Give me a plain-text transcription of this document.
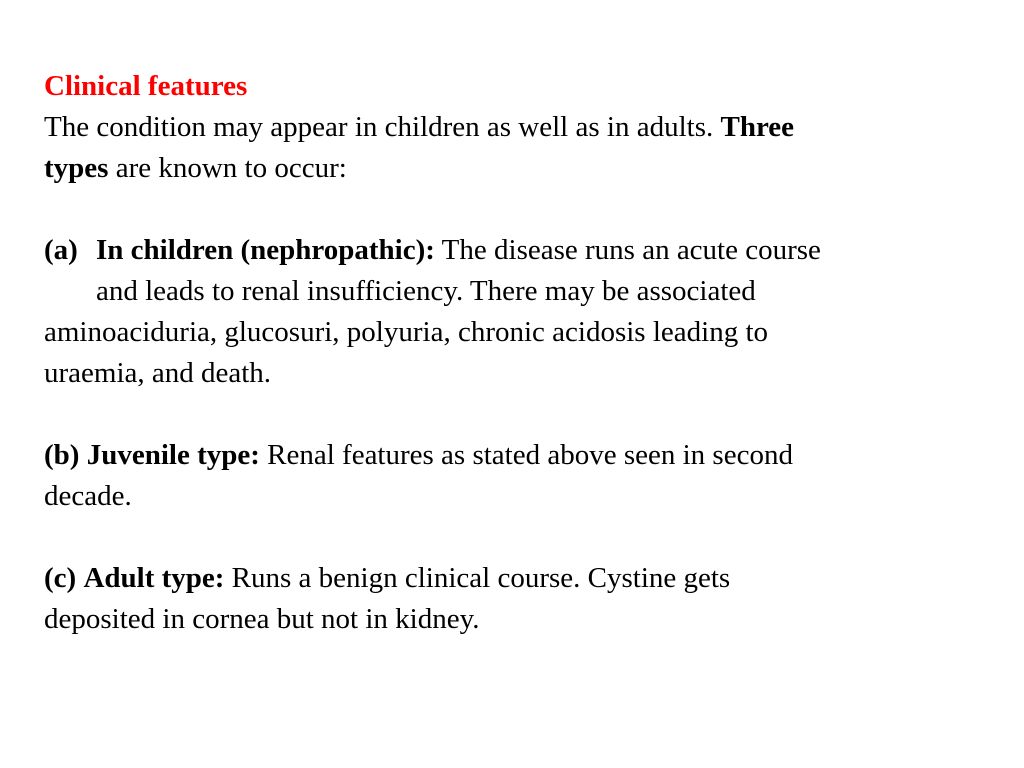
Clinical features
The condition may appear in children as well as in adults. Three
types are known to occur:
(a) In children (nephropathic): The disease runs an acute course
and leads to renal insufficiency. There may be associated
aminoaciduria, glucosuri, polyuria, chronic acidosis leading to
uraemia, and death.
(b) Juvenile type: Renal features as stated above seen in second
decade.
(c) Adult type: Runs a benign clinical course. Cystine gets
deposited in cornea but not in kidney.
